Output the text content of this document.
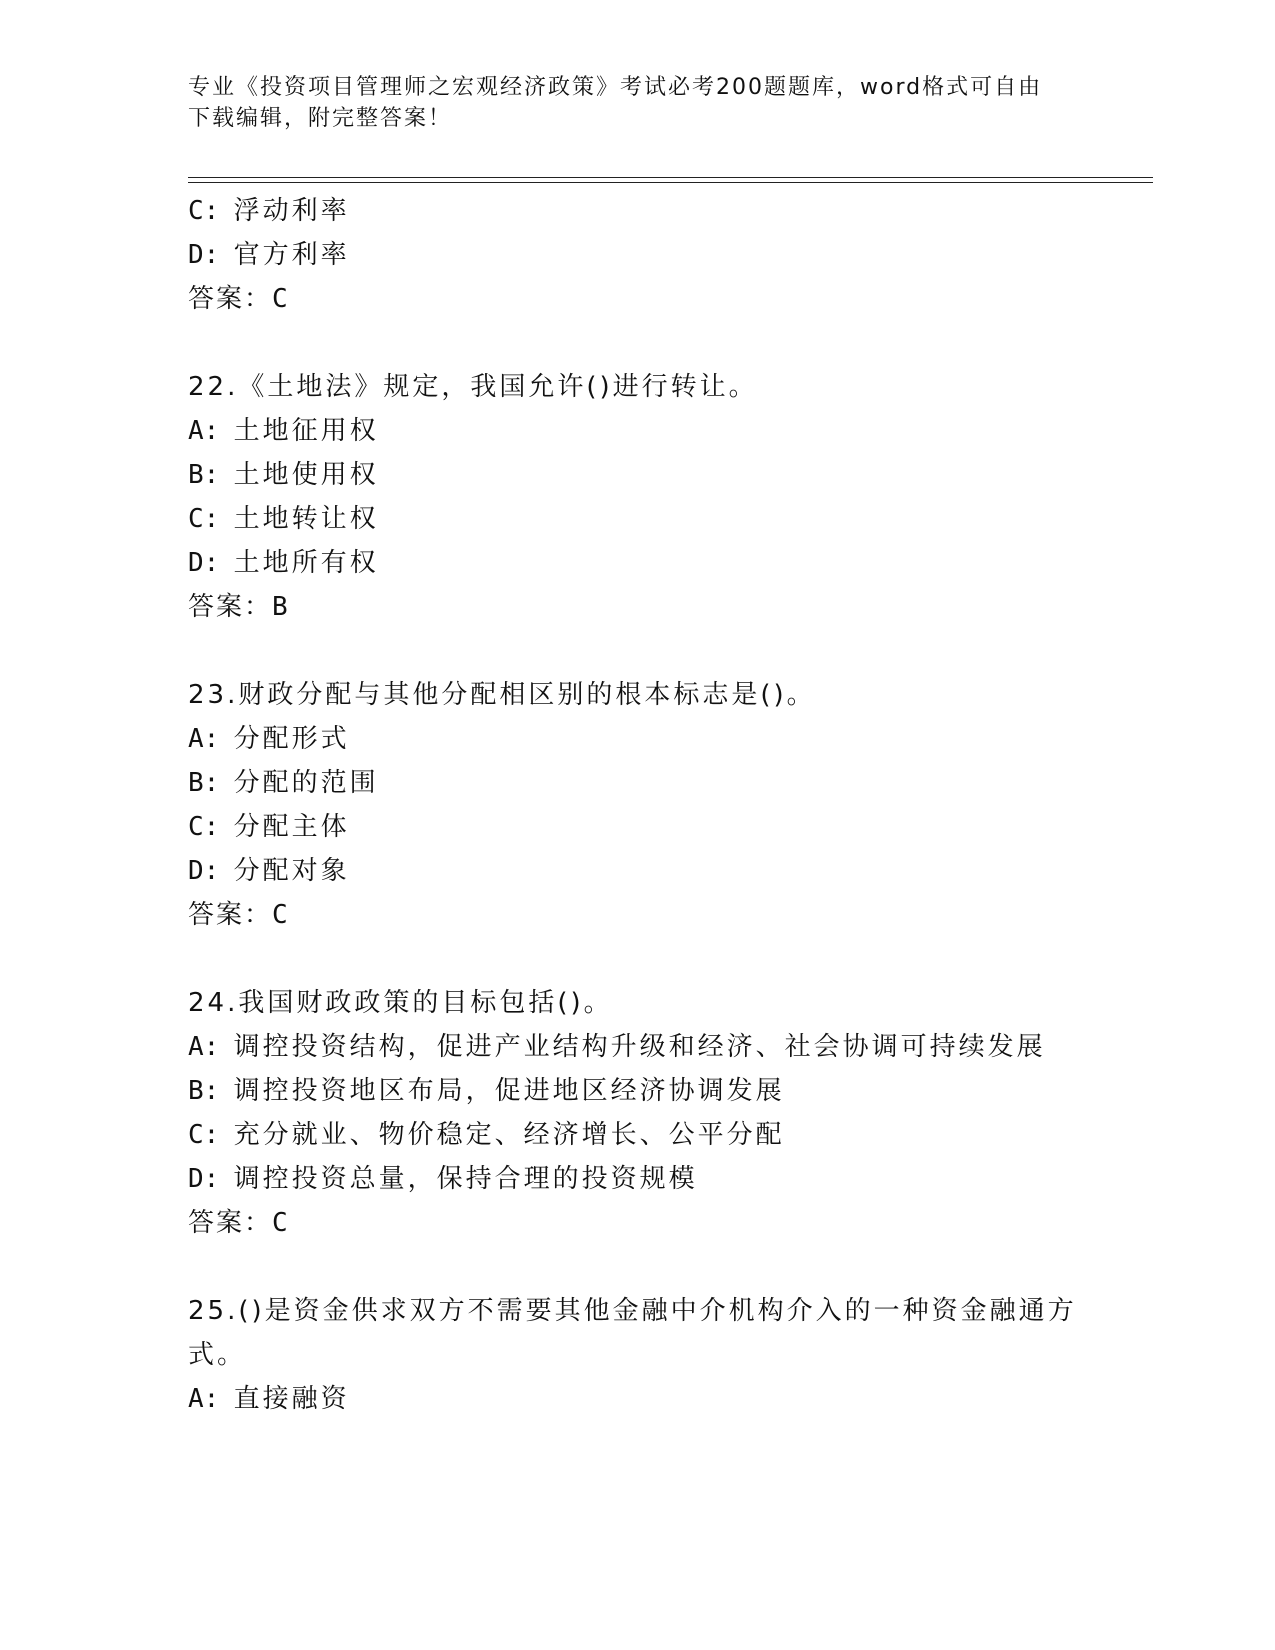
专业《投资项目管理师之宏观经济政策》考试必考200题题库，word格式可自由
下载编辑，附完整答案！
C: 浮动利率
D: 官方利率
答案：C
22.《土地法》规定，我国允许()进行转让。
A: 土地征用权
B: 土地使用权
C: 土地转让权
D: 土地所有权
答案：B
23.财政分配与其他分配相区别的根本标志是()。
A: 分配形式
B: 分配的范围
C: 分配主体
D: 分配对象
答案：C
24.我国财政政策的目标包括()。
A: 调控投资结构，促进产业结构升级和经济、社会协调可持续发展
B: 调控投资地区布局，促进地区经济协调发展
C: 充分就业、物价稳定、经济增长、公平分配
D: 调控投资总量，保持合理的投资规模
答案：C
25.()是资金供求双方不需要其他金融中介机构介入的一种资金融通方
式。
A: 直接融资
